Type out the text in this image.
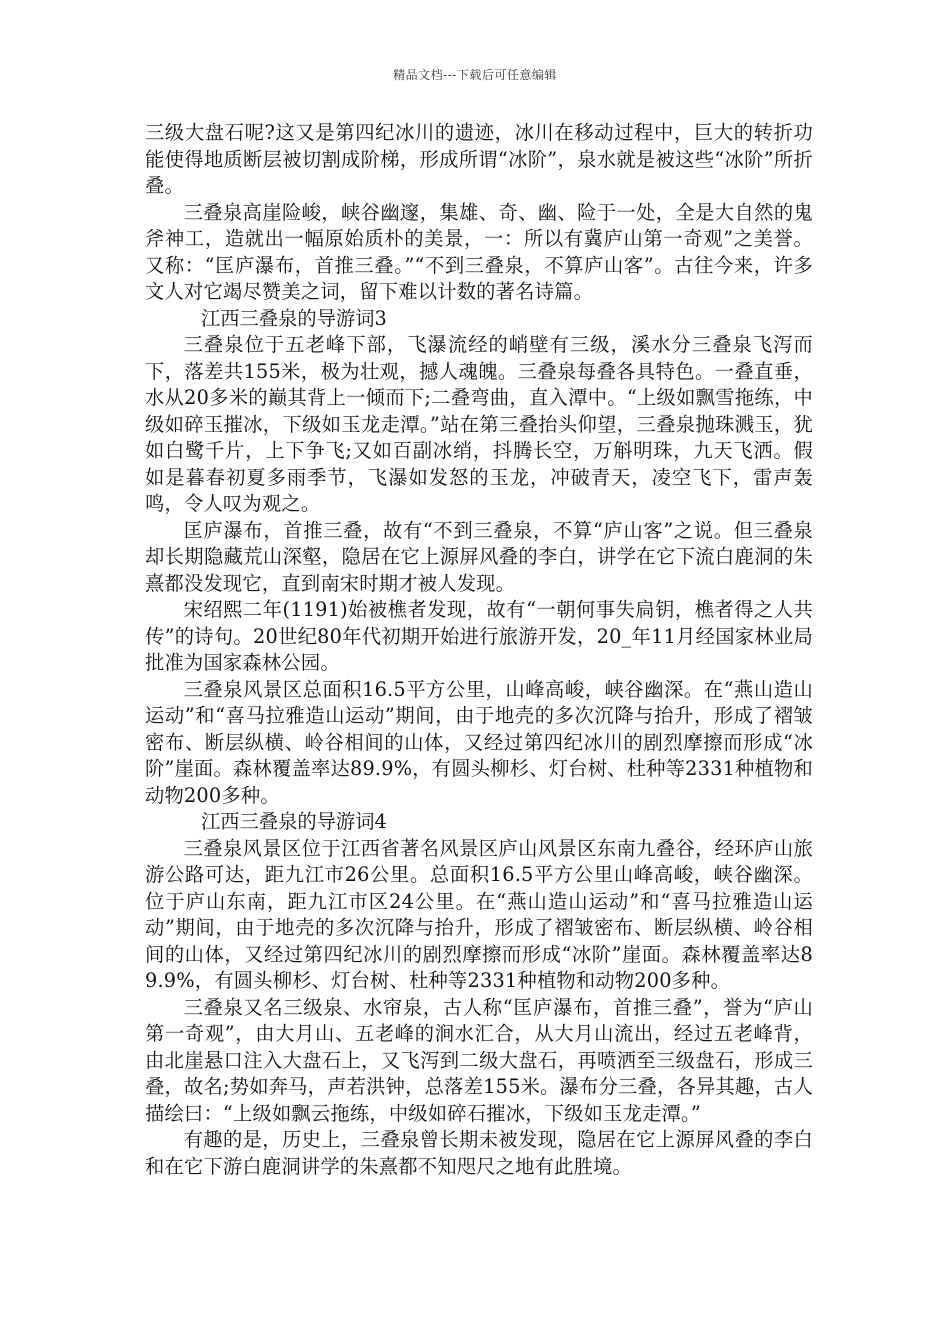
精品文档---下载后可任意编辑

三级大盘石呢?这又是第四纪冰川的遗迹，冰川在移动过程中，巨大的转折功能使得地质断层被切割成阶梯，形成所谓“冰阶”，泉水就是被这些“冰阶”所折叠。

三叠泉高崖险峻，峡谷幽邃，集雄、奇、幽、险于一处，全是大自然的鬼斧神工，造就出一幅原始质朴的美景，一：所以有冀庐山第一奇观”之美誉。又称：“匡庐瀑布，首推三叠。”“不到三叠泉，不算庐山客”。古往今来，许多文人对它竭尽赞美之词，留下难以计数的著名诗篇。

江西三叠泉的导游词3

三叠泉位于五老峰下部，飞瀑流经的峭壁有三级，溪水分三叠泉飞泻而下，落差共155米，极为壮观，撼人魂魄。三叠泉每叠各具特色。一叠直垂，水从20多米的巅其背上一倾而下;二叠弯曲，直入潭中。“上级如飘雪拖练，中级如碎玉摧冰，下级如玉龙走潭。”站在第三叠抬头仰望，三叠泉抛珠溅玉，犹如白鹭千片，上下争飞;又如百副冰绡，抖腾长空，万斛明珠，九天飞洒。假如是暮春初夏多雨季节，飞瀑如发怒的玉龙，冲破青天，凌空飞下，雷声轰鸣，令人叹为观之。

匡庐瀑布，首推三叠，故有“不到三叠泉，不算“庐山客”之说。但三叠泉却长期隐藏荒山深壑，隐居在它上源屏风叠的李白，讲学在它下流白鹿洞的朱熹都没发现它，直到南宋时期才被人发现。

宋绍熙二年(1191)始被樵者发现，故有“一朝何事失扃钥，樵者得之人共传”的诗句。20世纪80年代初期开始进行旅游开发，20_年11月经国家林业局批准为国家森林公园。

三叠泉风景区总面积16.5平方公里，山峰高峻，峡谷幽深。在“燕山造山运动”和“喜马拉雅造山运动”期间，由于地壳的多次沉降与抬升，形成了褶皱密布、断层纵横、岭谷相间的山体，又经过第四纪冰川的剧烈摩擦而形成“冰阶”崖面。森林覆盖率达89.9%，有圆头柳杉、灯台树、杜种等2331种植物和动物200多种。

江西三叠泉的导游词4

三叠泉风景区位于江西省著名风景区庐山风景区东南九叠谷，经环庐山旅游公路可达，距九江市26公里。总面积16.5平方公里山峰高峻，峡谷幽深。位于庐山东南，距九江市区24公里。在“燕山造山运动”和“喜马拉雅造山运动”期间，由于地壳的多次沉降与抬升，形成了褶皱密布、断层纵横、岭谷相间的山体，又经过第四纪冰川的剧烈摩擦而形成“冰阶”崖面。森林覆盖率达89.9%，有圆头柳杉、灯台树、杜种等2331种植物和动物200多种。

三叠泉又名三级泉、水帘泉，古人称“匡庐瀑布，首推三叠”，誉为“庐山第一奇观”，由大月山、五老峰的涧水汇合，从大月山流出，经过五老峰背，由北崖悬口注入大盘石上，又飞泻到二级大盘石，再喷洒至三级盘石，形成三叠，故名;势如奔马，声若洪钟，总落差155米。瀑布分三叠，各异其趣，古人描绘曰：“上级如飘云拖练，中级如碎石摧冰，下级如玉龙走潭。”

有趣的是，历史上，三叠泉曾长期未被发现，隐居在它上源屏风叠的李白和在它下游白鹿洞讲学的朱熹都不知咫尺之地有此胜境。
